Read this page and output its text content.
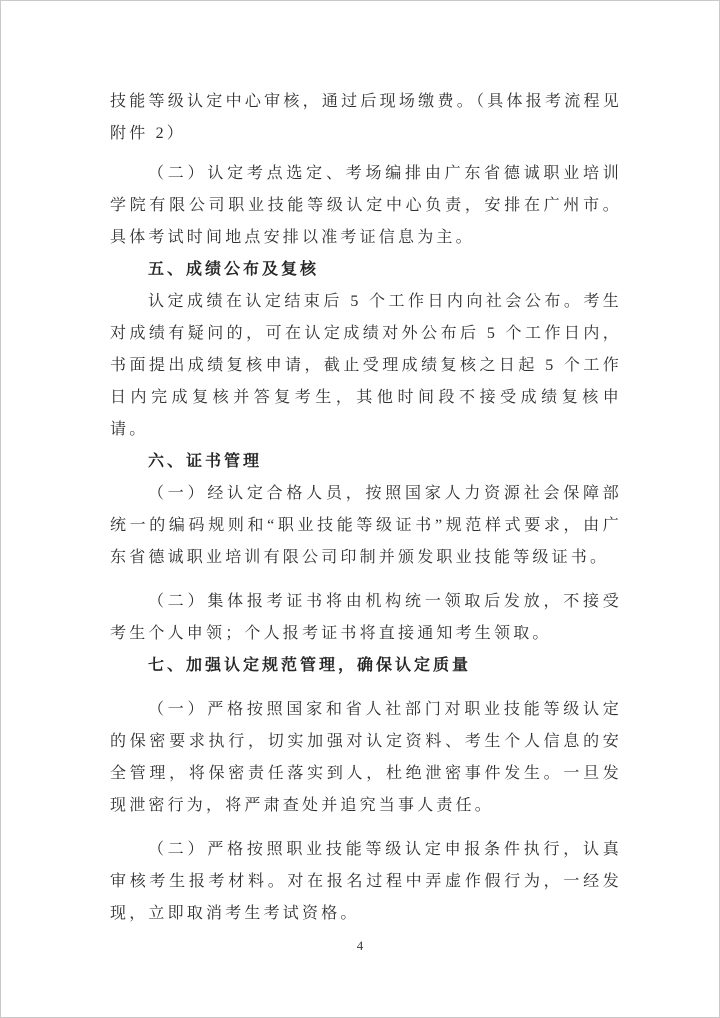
技能等级认定中心审核，通过后现场缴费。（具体报考流程见附件 2）

（二）认定考点选定、考场编排由广东省德诚职业培训学院有限公司职业技能等级认定中心负责，安排在广州市。具体考试时间地点安排以准考证信息为主。

五、成绩公布及复核

认定成绩在认定结束后 5 个工作日内向社会公布。考生对成绩有疑问的，可在认定成绩对外公布后 5 个工作日内，书面提出成绩复核申请，截止受理成绩复核之日起 5 个工作日内完成复核并答复考生，其他时间段不接受成绩复核申请。

六、证书管理

（一）经认定合格人员，按照国家人力资源社会保障部统一的编码规则和“职业技能等级证书”规范样式要求，由广东省德诚职业培训有限公司印制并颁发职业技能等级证书。

（二）集体报考证书将由机构统一领取后发放，不接受考生个人申领；个人报考证书将直接通知考生领取。

七、加强认定规范管理，确保认定质量

（一）严格按照国家和省人社部门对职业技能等级认定的保密要求执行，切实加强对认定资料、考生个人信息的安全管理，将保密责任落实到人，杜绝泄密事件发生。一旦发现泄密行为，将严肃查处并追究当事人责任。

（二）严格按照职业技能等级认定申报条件执行，认真审核考生报考材料。对在报名过程中弄虚作假行为，一经发现，立即取消考生考试资格。

4
